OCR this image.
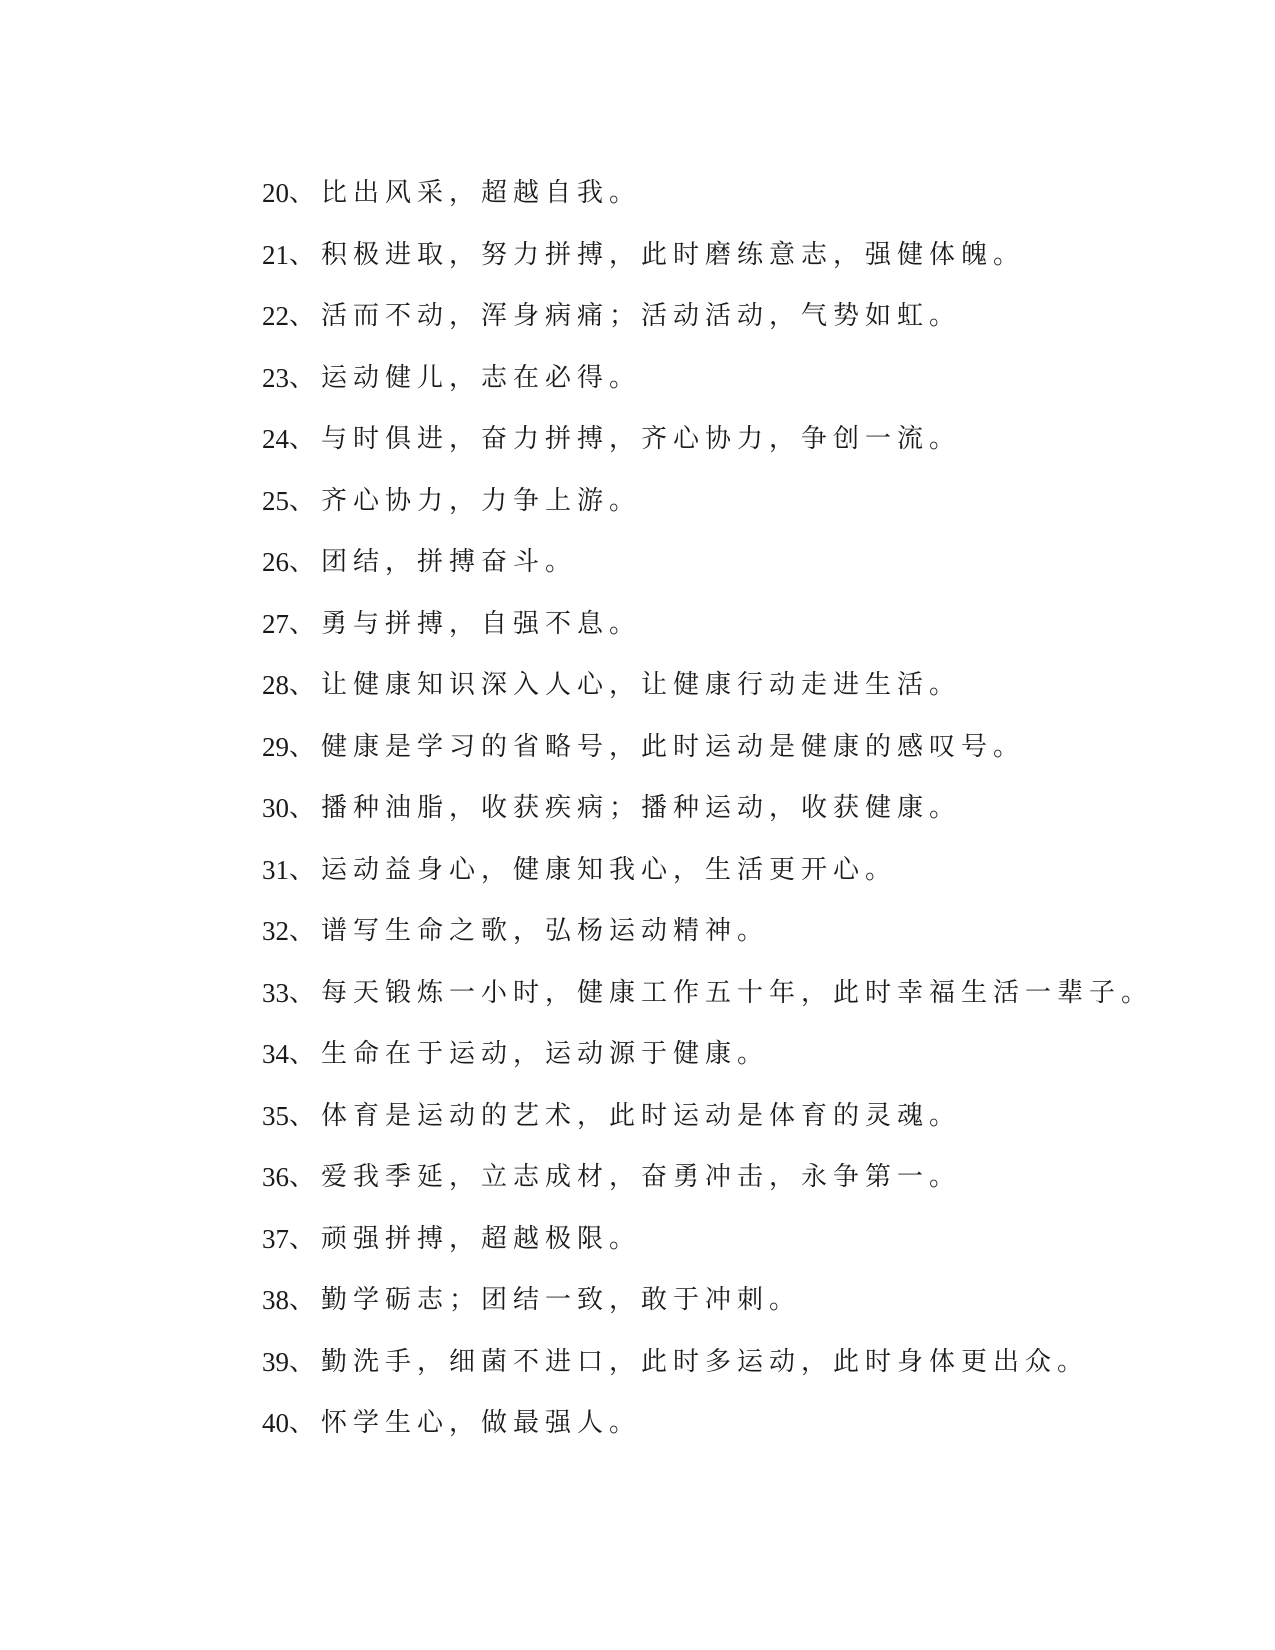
20 、 比出风采，超越自我。
21 、 积极进取，努力拼搏，此时磨练意志，强健体魄。
22 、 活而不动，浑身病痛；活动活动，气势如虹。
23 、 运动健儿，志在必得。
24 、 与时俱进，奋力拼搏，齐心协力，争创一流。
25 、 齐心协力，力争上游。
26 、 团结，拼搏奋斗。
27 、 勇与拼搏，自强不息。
28 、 让健康知识深入人心，让健康行动走进生活。
29 、 健康是学习的省略号，此时运动是健康的感叹号。
30 、 播种油脂，收获疾病；播种运动，收获健康。
31 、 运动益身心，健康知我心，生活更开心。
32 、 谱写生命之歌，弘杨运动精神。
33 、 每天锻炼一小时，健康工作五十年，此时幸福生活一辈子。
34 、 生命在于运动，运动源于健康。
35 、 体育是运动的艺术，此时运动是体育的灵魂。
36 、 爱我季延，立志成材，奋勇冲击，永争第一。
37 、 顽强拼搏，超越极限。
38 、 勤学砺志；团结一致，敢于冲刺。
39 、 勤洗手，细菌不进口，此时多运动，此时身体更出众。
40 、 怀学生心，做最强人。
